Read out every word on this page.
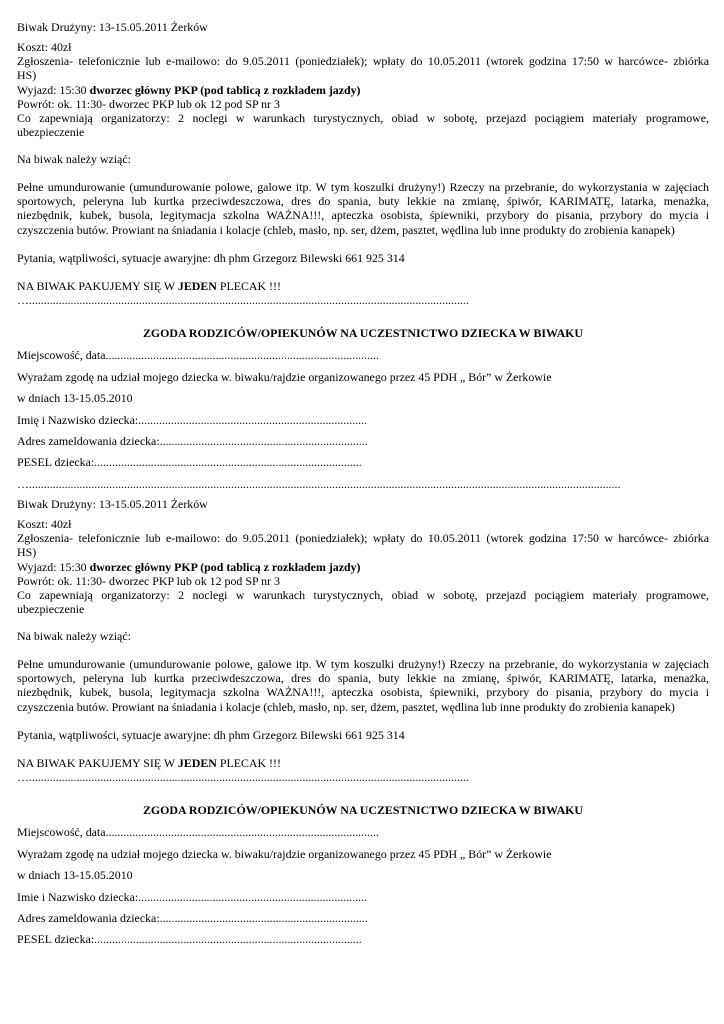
Biwak Drużyny: 13-15.05.2011 Żerków
Koszt: 40zł
Zgłoszenia- telefonicznie lub e-mailowo: do 9.05.2011 (poniedziałek); wpłaty do 10.05.2011 (wtorek godzina 17:50 w harcówce- zbiórka
HS)
Wyjazd: 15:30 dworzec główny PKP (pod tablicą z rozkładem jazdy)
Powrót: ok. 11:30- dworzec PKP lub ok 12 pod SP nr 3
Co zapewniają organizatorzy: 2 noclegi w warunkach turystycznych, obiad w sobotę, przejazd pociągiem materiały programowe,
ubezpieczenie
Na biwak należy wziąć:
Pełne umundurowanie (umundurowanie polowe, galowe itp. W tym koszulki drużyny!) Rzeczy na przebranie, do wykorzystania w zajęciach
sportowych, peleryna lub kurtka przeciwdeszczowa, dres do spania, buty lekkie na zmianę, śpiwór, KARIMATĘ, latarka, menażka,
niezbędnik, kubek, busola, legitymacja szkolna WAŻNA!!!, apteczka osobista, śpiewniki, przybory do pisania, przybory do mycia i
czyszczenia butów. Prowiant na śniadania i kolacje (chleb, masło, np. ser, dżem, pasztet, wędlina lub inne produkty do zrobienia kanapek)
Pytania, wątpliwości, sytuacje awaryjne: dh phm Grzegorz Bilewski 661 925 314
NA BIWAK PAKUJEMY SIĘ W JEDEN PLECAK !!!
…....................................................................................................................................................
ZGODA RODZICÓW/OPIEKUNÓW NA UCZESTNICTWO DZIECKA W BIWAKU
Miejscowość, data............................................................................................
Wyrażam zgodę na udział mojego dziecka w. biwaku/rajdzie organizowanego przez 45 PDH „ Bór” w Żerkowie
w dniach 13-15.05.2010
Imię i Nazwisko dziecka:.............................................................................
Adres zameldowania dziecka:......................................................................
PESEL dziecka:..........................................................................................
….......................................................................................................................................................................................................
Biwak Drużyny: 13-15.05.2011 Żerków
Koszt: 40zł
Zgłoszenia- telefonicznie lub e-mailowo: do 9.05.2011 (poniedziałek); wpłaty do 10.05.2011 (wtorek godzina 17:50 w harcówce- zbiórka
HS)
Wyjazd: 15:30 dworzec główny PKP (pod tablicą z rozkładem jazdy)
Powrót: ok. 11:30- dworzec PKP lub ok 12 pod SP nr 3
Co zapewniają organizatorzy: 2 noclegi w warunkach turystycznych, obiad w sobotę, przejazd pociągiem materiały programowe,
ubezpieczenie
Na biwak należy wziąć:
Pełne umundurowanie (umundurowanie polowe, galowe itp. W tym koszulki drużyny!) Rzeczy na przebranie, do wykorzystania w zajęciach
sportowych, peleryna lub kurtka przeciwdeszczowa, dres do spania, buty lekkie na zmianę, śpiwór, KARIMATĘ, latarka, menażka,
niezbędnik, kubek, busola, legitymacja szkolna WAŻNA!!!, apteczka osobista, śpiewniki, przybory do pisania, przybory do mycia i
czyszczenia butów. Prowiant na śniadania i kolacje (chleb, masło, np. ser, dżem, pasztet, wędlina lub inne produkty do zrobienia kanapek)
Pytania, wątpliwości, sytuacje awaryjne: dh phm Grzegorz Bilewski 661 925 314
NA BIWAK PAKUJEMY SIĘ W JEDEN PLECAK !!!
…....................................................................................................................................................
ZGODA RODZICÓW/OPIEKUNÓW NA UCZESTNICTWO DZIECKA W BIWAKU
Miejscowość, data............................................................................................
Wyrażam zgodę na udział mojego dziecka w. biwaku/rajdzie organizowanego przez 45 PDH „ Bór” w Żerkowie
w dniach 13-15.05.2010
Imie i Nazwisko dziecka:.............................................................................
Adres zameldowania dziecka:......................................................................
PESEL dziecka:..........................................................................................
